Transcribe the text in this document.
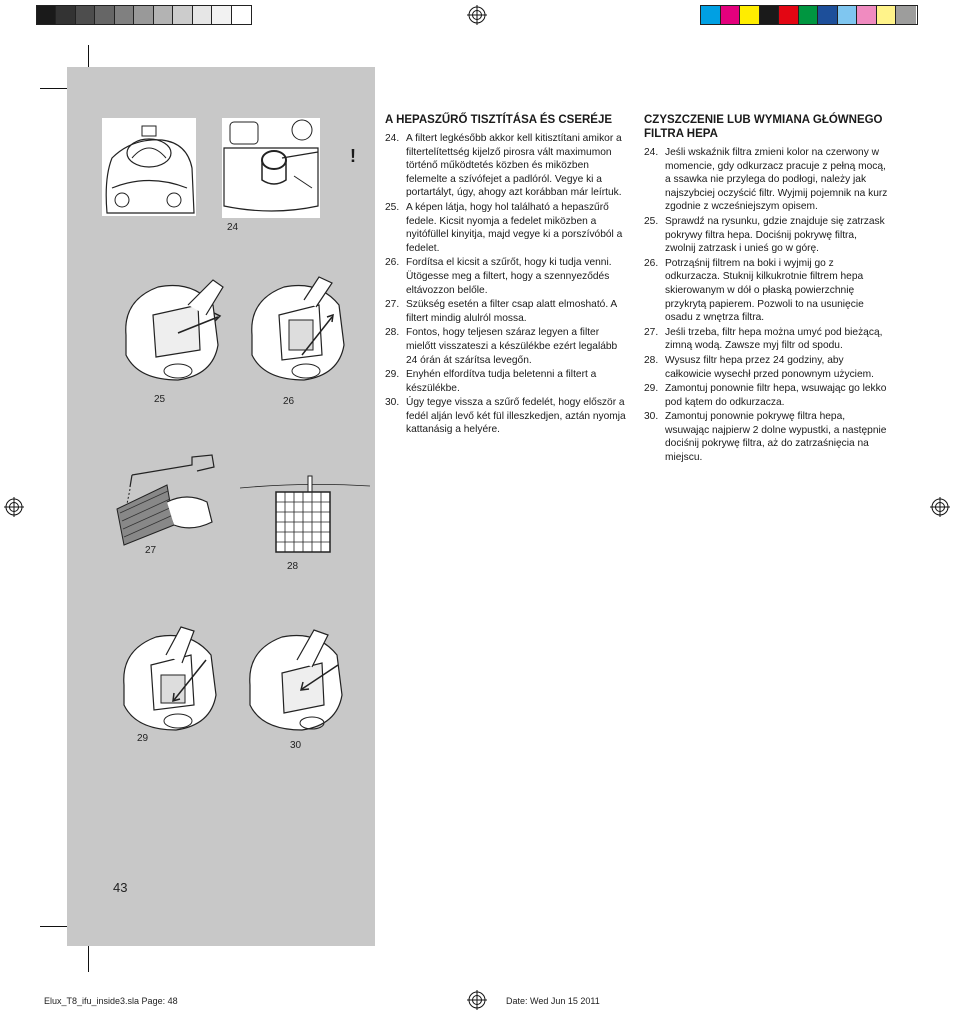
!
24
25	26
27
28
29
30
43
A HEPASZŰRŐ TISZTÍTÁSA ÉS CSERÉJE
24. A filtert legkésőbb akkor kell kitisztítani amikor a filtertelítettség kijelző pirosra vált maximumon történő működtetés közben és miközben felemelte a szívófejet a padlóról. Vegye ki a portartályt, úgy, ahogy azt korábban már leírtuk.
25. A képen látja, hogy hol található a hepaszűrő fedele. Kicsit nyomja a fedelet miközben a nyitófüllel kinyitja, majd vegye ki a porszívóból a fedelet.
26. Fordítsa el kicsit a szűrőt, hogy ki tudja venni. Ütögesse meg a filtert, hogy a szennyeződés eltávozzon belőle.
27. Szükség esetén a filter csap alatt elmosható. A filtert mindig alulról mossa.
28. Fontos, hogy teljesen száraz legyen a filter mielőtt visszateszi a készülékbe ezért legalább 24 órán át szárítsa levegőn.
29. Enyhén elfordítva tudja beletenni a filtert a készülékbe.
30. Úgy tegye vissza a szűrő fedelét, hogy először a fedél alján levő két fül illeszkedjen, aztán nyomja kattanásig a helyére.
CZYSZCZENIE LUB WYMIANA GŁÓWNEGO FILTRA HEPA
24. Jeśli wskaźnik filtra zmieni kolor na czerwony w momencie, gdy odkurzacz pracuje z pełną mocą, a ssawka nie przylega do podłogi, należy jak najszybciej oczyścić filtr. Wyjmij pojemnik na kurz zgodnie z wcześniejszym opisem.
25. Sprawdź na rysunku, gdzie znajduje się zatrzask pokrywy filtra hepa. Dociśnij pokrywę filtra, zwolnij zatrzask i unieś go w górę.
26. Potrząśnij filtrem na boki i wyjmij go z odkurzacza. Stuknij kilkukrotnie filtrem hepa skierowanym w dół o płaską powierzchnię przykrytą papierem. Pozwoli to na usunięcie osadu z wnętrza filtra.
27. Jeśli trzeba, filtr hepa można umyć pod bieżącą, zimną wodą. Zawsze myj filtr od spodu.
28. Wysusz filtr hepa przez 24 godziny, aby całkowicie wysechł przed ponownym użyciem.
29. Zamontuj ponownie filtr hepa, wsuwając go lekko pod kątem do odkurzacza.
30. Zamontuj ponownie pokrywę filtra hepa, wsuwając najpierw 2 dolne wypustki, a następnie dociśnij pokrywę filtra, aż do zatrzaśnięcia na miejscu.
Elux_T8_ifu_inside3.sla Page: 48	Date: Wed Jun 15 2011
